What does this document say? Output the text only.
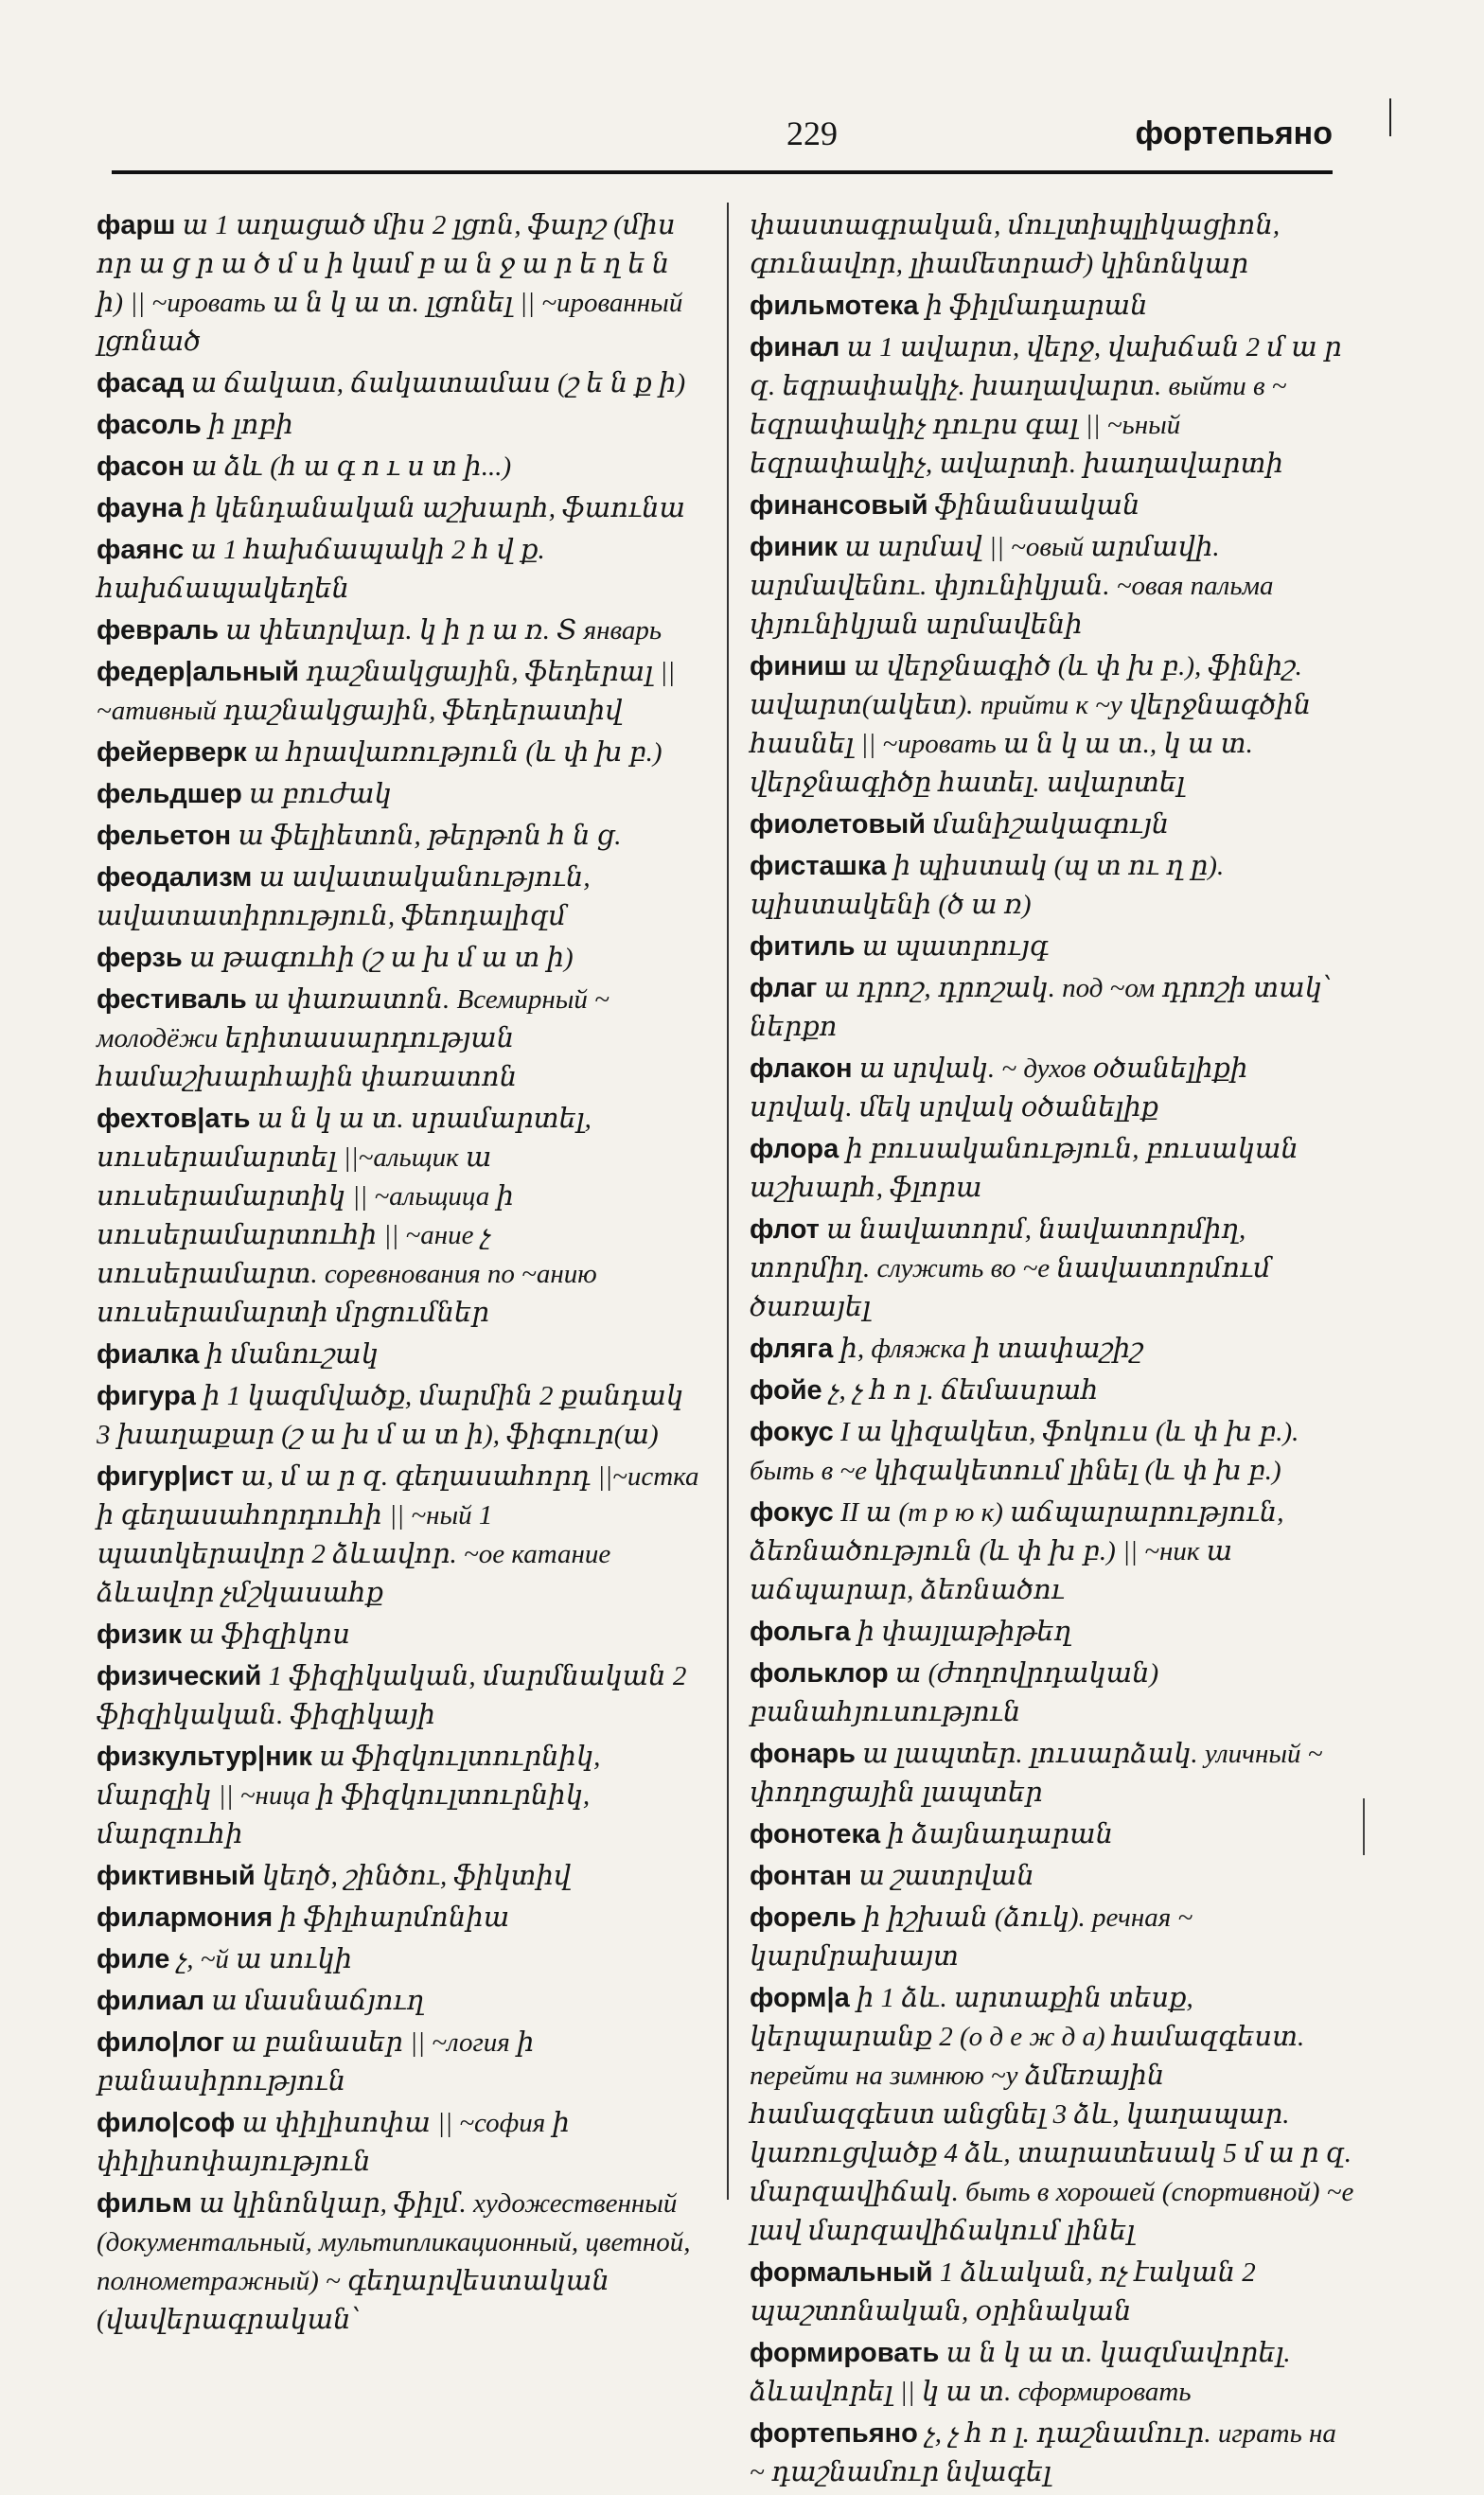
229	фортепьяно
фарш ա 1 աղացած միս 2 լցոն, ֆարշ (միս որ ա ց ր ա ծ մ ս ի կամ բ ա ն ջ ա ր ե ղ ե ն ի) || ~ировать ա ն կ ա տ. լցոնել || ~ированный լցոնած
фасад ա ճակատ, ճակատամաս (շ ե ն ք ի)
фасоль ի լոբի
фасон ա ձև (հ ա գ ո ւ ս տ ի...)
фауна ի կենդանական աշխարհ, ֆաունա
фаянс ա 1 հախճապակի 2 հ վ ք. հախճապակեղեն
февраль ա փետրվար. կ ի ր ա ռ. Տ январь
федер|альный դաշնակցային, ֆեդերալ || ~ативный դաշնակցային, ֆեդերատիվ
фейерверк ա հրավառություն (և փ խ բ.)
фельдшер ա բուժակ
фельетон ա ֆելիետոն, թերթոն հ ն ց.
феодализм ա ավատականություն, ավատատիրություն, ֆեոդալիզմ
ферзь ա թագուհի (շ ա խ մ ա տ ի)
фестиваль ա փառատոն. Всемирный ~ молодёжи երիտասարդության համաշխարհային փառատոն
фехтов|ать ա ն կ ա տ. սրամարտել, սուսերամարտել ||~альщик ա սուսերամարտիկ || ~альщица ի սուսերամարտուհի || ~ание չ սուսերամարտ. соревнования по ~анию սուսերամարտի մրցումներ
фиалка ի մանուշակ
фигура ի 1 կազմվածք, մարմին 2 քանդակ 3 խաղաքար (շ ա խ մ ա տ ի), ֆիգուր(ա)
фигур|ист ա, մ ա ր զ. գեղասահորդ ||~истка ի գեղասահորդուհի || ~ный 1 պատկերավոր 2 ձևավոր. ~ое катание ձևավոր չմշկասահք
физик ա ֆիզիկոս
физический 1 ֆիզիկական, մարմնական 2 ֆիզիկական. ֆիզիկայի
физкультур|ник ա ֆիզկուլտուրնիկ, մարզիկ || ~ница ի ֆիզկուլտուրնիկ, մարզուհի
фиктивный կեղծ, շինծու, ֆիկտիվ
филармония ի ֆիլհարմոնիա
филе չ, ~й ա սուկի
филиал ա մասնաճյուղ
фило|лог ա բանասեր || ~логия ի բանասիրություն
фило|соф ա փիլիսոփա || ~софия ի փիլիսոփայություն
фильм ա կինոնկար, ֆիլմ. художественный (документальный, мультипликационный, цветной, полнометражный) ~ գեղարվեստական (վավերագրական՝
փաստագրական, մուլտիպլիկացիոն, գունավոր, լիամետրաժ) կինոնկար
фильмотека ի ֆիլմադարան
финал ա 1 ավարտ, վերջ, վախճան 2 մ ա ր զ. եզրափակիչ. խաղավարտ. выйти в ~ եզրափակիչ դուրս գալ || ~ьный եզրափակիչ, ավարտի. խաղավարտի
финансовый ֆինանսական
финик ա արմավ || ~овый արմավի. արմավենու. փյունիկյան. ~овая пальма փյունիկյան արմավենի
финиш ա վերջնագիծ (և փ խ բ.), ֆինիշ. ավարտ(ակետ). прийти к ~у վերջնագծին հասնել || ~ировать ա ն կ ա տ., կ ա տ. վերջնագիծը հատել. ավարտել
фиолетовый մանիշակագույն
фисташка ի պիստակ (պ տ ու ղ ը). պիստակենի (ծ ա ռ)
фитиль ա պատրույգ
флаг ա դրոշ, դրոշակ. под ~ом դրոշի տակ՝ ներքո
флакон ա սրվակ. ~ духов օծանելիքի սրվակ. մեկ սրվակ օծանելիք
флора ի բուսականություն, բուսական աշխարհ, ֆլորա
флот ա նավատորմ, նավատորմիղ, տորմիղ. служить во ~е նավատորմում ծառայել
фляга ի, фляжка ի տափաշիշ
фойе չ, չ հ ո լ. ճեմասրահ
фокус I ա կիզակետ, ֆոկուս (և փ խ բ.). быть в ~е կիզակետում լինել (և փ խ բ.)
фокус II ա (т р ю к) աճպարարություն, ձեռնածություն (և փ խ բ.) || ~ник ա աճպարար, ձեռնածու
фольга ի փայլաթիթեղ
фольклор ա (ժողովրդական) բանահյուսություն
фонарь ա լապտեր. լուսարձակ. уличный ~ փողոցային լապտեր
фонотека ի ձայնադարան
фонтан ա շատրվան
форель ի իշխան (ձուկ). речная ~ կարմրախայտ
форм|а ի 1 ձև. արտաքին տեսք, կերպարանք 2 (о д е ж д а) համազգեստ. перейти на зимнюю ~у ձմեռային համազգեստ անցնել 3 ձև, կաղապար. կառուցվածք 4 ձև, տարատեսակ 5 մ ա ր զ. մարզավիճակ. быть в хорошей (спортивной) ~е լավ մարզավիճակում լինել
формальный 1 ձևական, ոչ էական 2 պաշտոնական, օրինական
формировать ա ն կ ա տ. կազմավորել. ձևավորել || կ ա տ. сформировать
фортепьяно չ, չ հ ո լ. դաշնամուր. играть на ~ դաշնամուր նվագել
